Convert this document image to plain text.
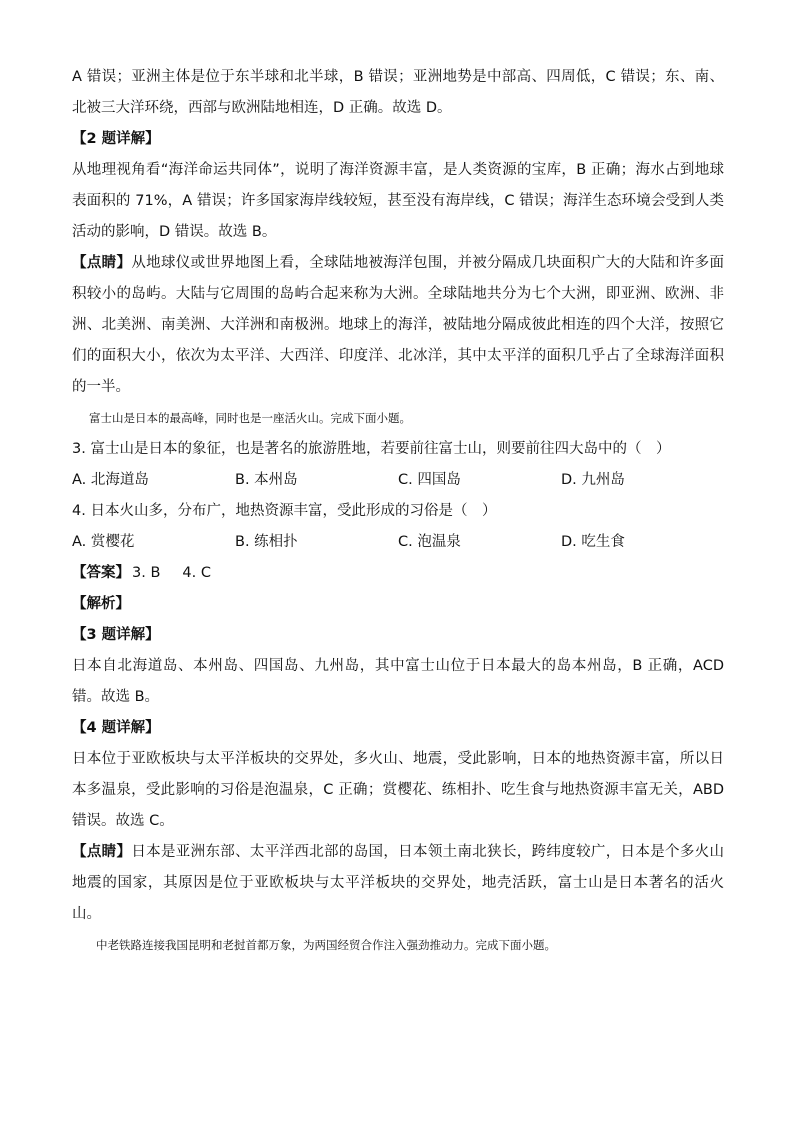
A 错误；亚洲主体是位于东半球和北半球，B 错误；亚洲地势是中部高、四周低，C 错误；东、南、北被三大洋环绕，西部与欧洲陆地相连，D 正确。故选 D。
【2 题详解】
从地理视角看“海洋命运共同体”，说明了海洋资源丰富，是人类资源的宝库，B 正确；海水占到地球表面积的 71%，A 错误；许多国家海岸线较短，甚至没有海岸线，C 错误；海洋生态环境会受到人类活动的影响，D 错误。故选 B。
【点睛】从地球仪或世界地图上看，全球陆地被海洋包围，并被分隔成几块面积广大的大陆和许多面积较小的岛屿。大陆与它周围的岛屿合起来称为大洲。全球陆地共分为七个大洲，即亚洲、欧洲、非洲、北美洲、南美洲、大洋洲和南极洲。地球上的海洋，被陆地分隔成彼此相连的四个大洋，按照它们的面积大小，依次为太平洋、大西洋、印度洋、北冰洋，其中太平洋的面积几乎占了全球海洋面积的一半。
富士山是日本的最高峰，同时也是一座活火山。完成下面小题。
3. 富士山是日本的象征，也是著名的旅游胜地，若要前往富士山，则要前往四大岛中的（　）
A. 北海道岛	B. 本州岛	C. 四国岛	D. 九州岛
4. 日本火山多，分布广，地热资源丰富，受此形成的习俗是（　）
A. 赏樱花	B. 练相扑	C. 泡温泉	D. 吃生食
【答案】 3. B 4. C
【解析】
【3 题详解】
日本自北海道岛、本州岛、四国岛、九州岛，其中富士山位于日本最大的岛本州岛，B 正确，ACD 错。故选 B。
【4 题详解】
日本位于亚欧板块与太平洋板块的交界处，多火山、地震，受此影响，日本的地热资源丰富，所以日本多温泉，受此影响的习俗是泡温泉，C 正确；赏樱花、练相扑、吃生食与地热资源丰富无关，ABD 错误。故选 C。
【点睛】日本是亚洲东部、太平洋西北部的岛国，日本领土南北狭长，跨纬度较广，日本是个多火山地震的国家，其原因是位于亚欧板块与太平洋板块的交界处，地壳活跃，富士山是日本著名的活火山。
中老铁路连接我国昆明和老挝首都万象，为两国经贸合作注入强劲推动力。完成下面小题。
